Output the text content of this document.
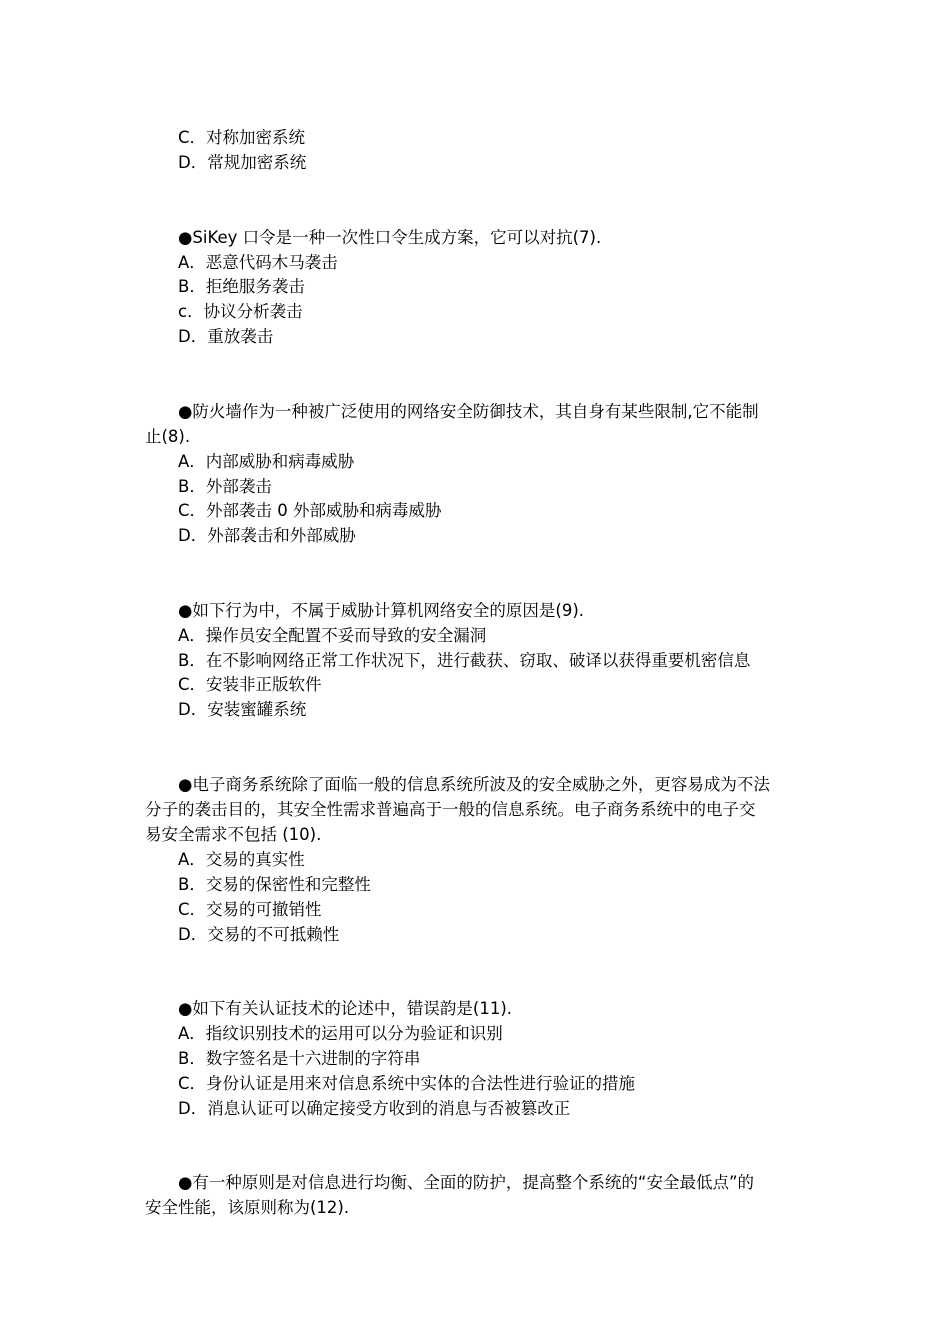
C．对称加密系统
D．常规加密系统
●SiKey 口令是一种一次性口令生成方案，它可以对抗(7).
A．恶意代码木马袭击
B．拒绝服务袭击
c．协议分析袭击
D．重放袭击
●防火墙作为一种被广泛使用的网络安全防御技术，其自身有某些限制,它不能制
止(8).
A．内部威胁和病毒威胁
B．外部袭击
C．外部袭击 0 外部威胁和病毒威胁
D．外部袭击和外部威胁
●如下行为中，不属于威胁计算机网络安全的原因是(9).
A．操作员安全配置不妥而导致的安全漏洞
B．在不影响网络正常工作状况下，进行截获、窃取、破译以获得重要机密信息
C．安装非正版软件
D．安装蜜罐系统
●电子商务系统除了面临一般的信息系统所波及的安全威胁之外，更容易成为不法
分子的袭击目的，其安全性需求普遍高于一般的信息系统。电子商务系统中的电子交
易安全需求不包括 (10).
A．交易的真实性
B．交易的保密性和完整性
C．交易的可撤销性
D．交易的不可抵赖性
●如下有关认证技术的论述中，错误韵是(11).
A．指纹识别技术的运用可以分为验证和识别
B．数字签名是十六进制的字符串
C．身份认证是用来对信息系统中实体的合法性进行验证的措施
D．消息认证可以确定接受方收到的消息与否被篡改正
●有一种原则是对信息进行均衡、全面的防护，提高整个系统的“安全最低点”的
安全性能，该原则称为(12).
